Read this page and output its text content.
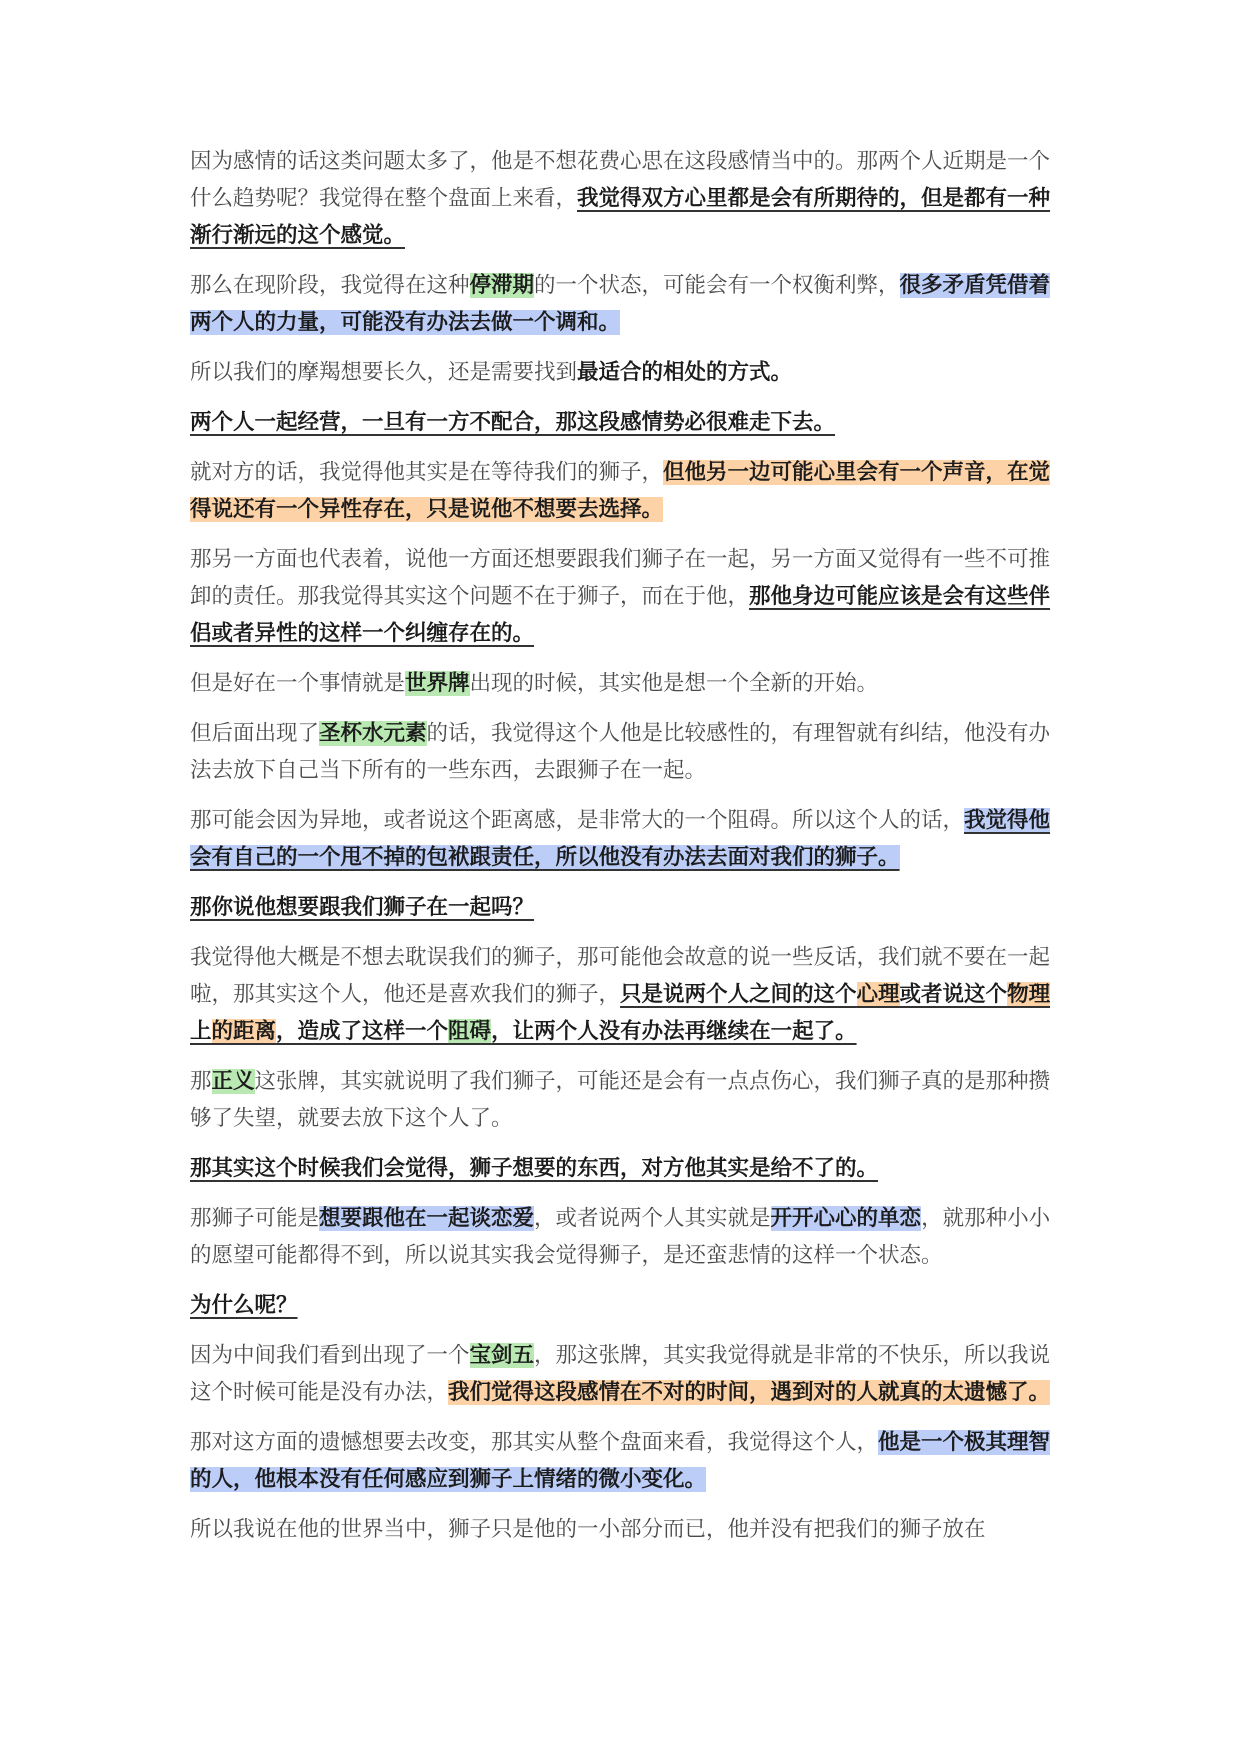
因为感情的话这类问题太多了，他是不想花费心思在这段感情当中的。那两个人近期是一个什么趋势呢？我觉得在整个盘面上来看，我觉得双方心里都是会有所期待的，但是都有一种渐行渐远的这个感觉。

那么在现阶段，我觉得在这种停滞期的一个状态，可能会有一个权衡利弊，很多矛盾凭借着两个人的力量，可能没有办法去做一个调和。

所以我们的摩羯想要长久，还是需要找到最适合的相处的方式。

两个人一起经营，一旦有一方不配合，那这段感情势必很难走下去。

就对方的话，我觉得他其实是在等待我们的狮子，但他另一边可能心里会有一个声音，在觉得说还有一个异性存在，只是说他不想要去选择。

那另一方面也代表着，说他一方面还想要跟我们狮子在一起，另一方面又觉得有一些不可推卸的责任。那我觉得其实这个问题不在于狮子，而在于他，那他身边可能应该是会有这些伴侣或者异性的这样一个纠缠存在的。

但是好在一个事情就是世界牌出现的时候，其实他是想一个全新的开始。

但后面出现了圣杯水元素的话，我觉得这个人他是比较感性的，有理智就有纠结，他没有办法去放下自己当下所有的一些东西，去跟狮子在一起。

那可能会因为异地，或者说这个距离感，是非常大的一个阻碍。所以这个人的话，我觉得他会有自己的一个甩不掉的包袱跟责任，所以他没有办法去面对我们的狮子。

那你说他想要跟我们狮子在一起吗？

我觉得他大概是不想去耽误我们的狮子，那可能他会故意的说一些反话，我们就不要在一起啦，那其实这个人，他还是喜欢我们的狮子，只是说两个人之间的这个心理或者说这个物理上的距离，造成了这样一个阻碍，让两个人没有办法再继续在一起了。

那正义这张牌，其实就说明了我们狮子，可能还是会有一点点伤心，我们狮子真的是那种攒够了失望，就要去放下这个人了。

那其实这个时候我们会觉得，狮子想要的东西，对方他其实是给不了的。

那狮子可能是想要跟他在一起谈恋爱，或者说两个人其实就是开开心心的单恋，就那种小小的愿望可能都得不到，所以说其实我会觉得狮子，是还蛮悲情的这样一个状态。

为什么呢？

因为中间我们看到出现了一个宝剑五，那这张牌，其实我觉得就是非常的不快乐，所以我说这个时候可能是没有办法，我们觉得这段感情在不对的时间，遇到对的人就真的太遗憾了。

那对这方面的遗憾想要去改变，那其实从整个盘面来看，我觉得这个人，他是一个极其理智的人，他根本没有任何感应到狮子上情绪的微小变化。

所以我说在他的世界当中，狮子只是他的一小部分而已，他并没有把我们的狮子放在
